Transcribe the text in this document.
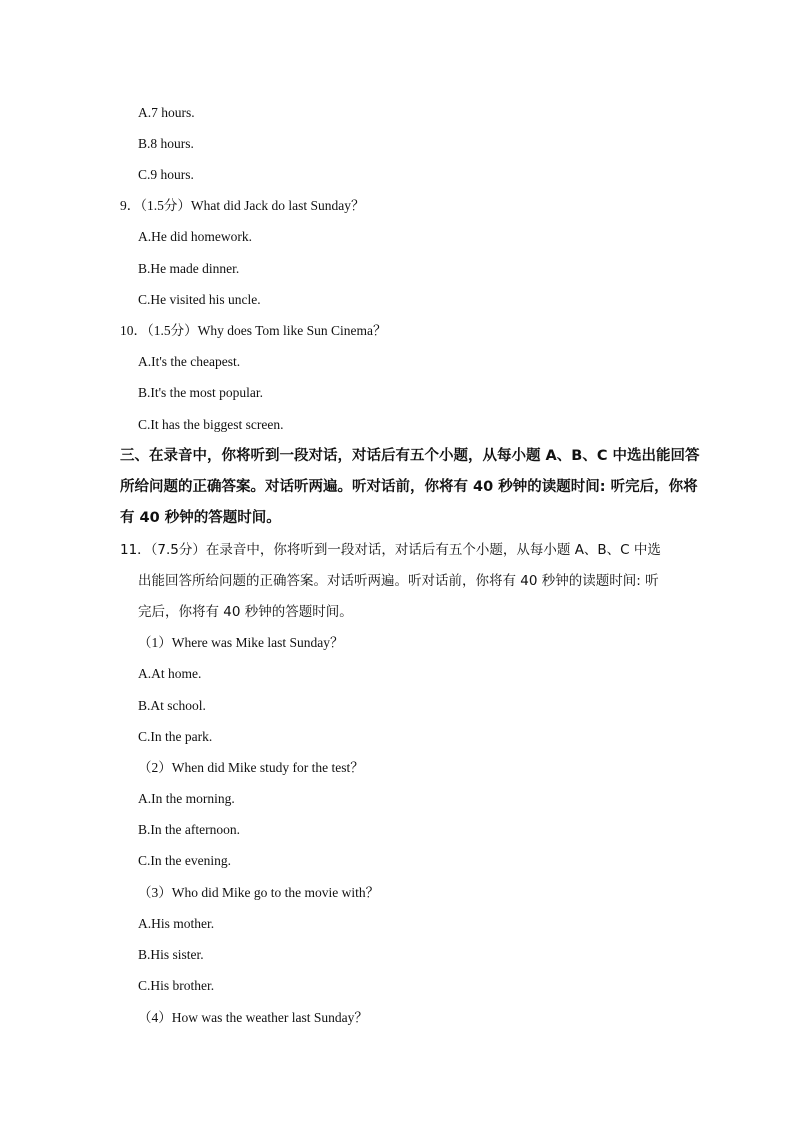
A.7 hours.
B.8 hours.
C.9 hours.
9．（1.5分）What did Jack do last Sunday？
A.He did homework.
B.He made dinner.
C.He visited his uncle.
10．（1.5分）Why does Tom like Sun Cinema？
A.It's the cheapest.
B.It's the most popular.
C.It has the biggest screen.
三、在录音中，你将听到一段对话，对话后有五个小题，从每小题 A、B、C 中选出能回答
所给问题的正确答案。对话听两遍。听对话前，你将有 40 秒钟的读题时间: 听完后，你将
有 40 秒钟的答题时间。
11．（7.5分）在录音中，你将听到一段对话，对话后有五个小题，从每小题 A、B、C 中选
出能回答所给问题的正确答案。对话听两遍。听对话前，你将有 40 秒钟的读题时间: 听
完后，你将有 40 秒钟的答题时间。
（1）Where was Mike last Sunday？
A.At home.
B.At school.
C.In the park.
（2）When did Mike study for the test？
A.In the morning.
B.In the afternoon.
C.In the evening.
（3）Who did Mike go to the movie with？
A.His mother.
B.His sister.
C.His brother.
（4）How was the weather last Sunday？
